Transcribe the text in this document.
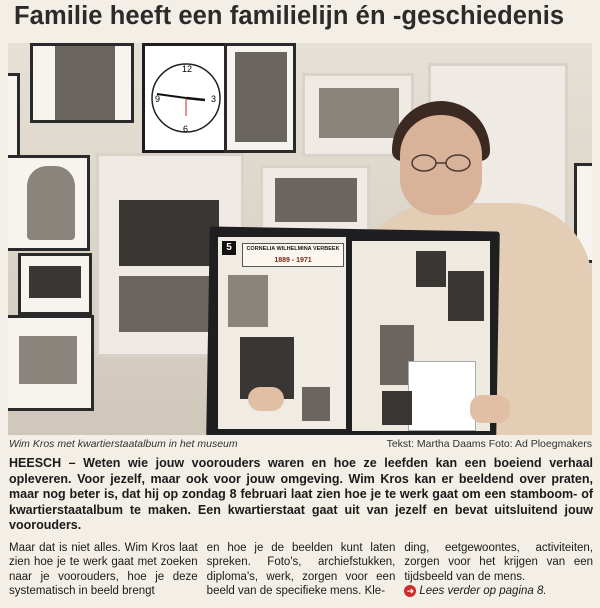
Familie heeft een familielijn én -geschiedenis
12
3
6
9
5	CORNELIA WILHELMINA VERBEEK
1889 - 1971
Wim Kros met kwartierstaatalbum in het museum	Tekst: Martha Daams Foto: Ad Ploegmakers

HEESCH – Weten wie jouw voorouders waren en hoe ze leefden kan een boeiend verhaal opleveren. Voor jezelf, maar ook voor jouw omgeving. Wim Kros kan er beeldend over praten, maar nog beter is, dat hij op zondag 8 februari laat zien hoe je te werk gaat om een stamboom- of kwartierstaatalbum te maken. Een kwartierstaat gaat uit van jezelf en bevat uitsluitend jouw voorouders.

Maar dat is niet alles. Wim Kros laat zien hoe je te werk gaat met zoeken naar je voorouders, hoe je deze systematisch in beeld brengt

en hoe je de beelden kunt laten spreken. Foto's, archiefstukken, diploma's, werk, zorgen voor een beeld van de specifieke mens. Kle-

ding, eetgewoontes, activiteiten, zorgen voor het krijgen van een tijdsbeeld van de mens.
➜ Lees verder op pagina 8.
